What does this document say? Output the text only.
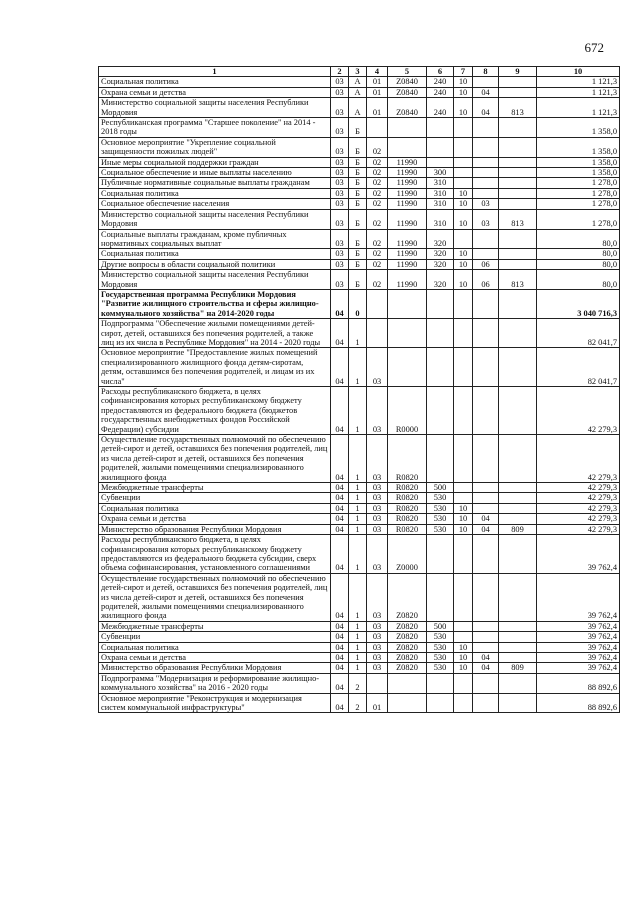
672
1	2	3	4	5	6	7	8	9	10
Социальная политика	03	А	01	Z0840	240	10			1 121,3
Охрана семьи и детства	03	А	01	Z0840	240	10	04		1 121,3
Министерство социальной защиты населения Республики Мордовия	03	А	01	Z0840	240	10	04	813	1 121,3
Республиканская программа "Старшее поколение" на 2014 - 2018 годы	03	Б							1 358,0
Основное мероприятие "Укрепление социальной защищенности пожилых людей"	03	Б	02						1 358,0
Иные меры социальной поддержки граждан	03	Б	02	11990					1 358,0
Социальное обеспечение и иные выплаты населению	03	Б	02	11990	300				1 358,0
Публичные нормативные социальные выплаты гражданам	03	Б	02	11990	310				1 278,0
Социальная политика	03	Б	02	11990	310	10			1 278,0
Социальное обеспечение населения	03	Б	02	11990	310	10	03		1 278,0
Министерство социальной защиты населения Республики Мордовия	03	Б	02	11990	310	10	03	813	1 278,0
Социальные выплаты гражданам, кроме публичных нормативных социальных выплат	03	Б	02	11990	320				80,0
Социальная политика	03	Б	02	11990	320	10			80,0
Другие вопросы в области социальной политики	03	Б	02	11990	320	10	06		80,0
Министерство социальной защиты населения Республики Мордовия	03	Б	02	11990	320	10	06	813	80,0
Государственная программа Республики Мордовия "Развитие жилищного строительства и сферы жилищно-коммунального хозяйства" на 2014-2020 годы	04	0							3 040 716,3
Подпрограмма "Обеспечение жилыми помещениями детей-сирот, детей, оставшихся без попечения родителей, а также лиц из их числа в Республике Мордовия" на 2014 - 2020 годы	04	1							82 041,7
Основное мероприятие "Предоставление жилых помещений специализированного жилищного фонда детям-сиротам, детям, оставшимся без попечения родителей, и лицам из их числа"	04	1	03						82 041,7
Расходы республиканского бюджета, в целях софинансирования которых республиканскому бюджету предоставляются из федерального бюджета (бюджетов государственных внебюджетных фондов Российской Федерации) субсидии	04	1	03	R0000					42 279,3
Осуществление государственных полномочий по обеспечению детей-сирот и детей, оставшихся без попечения родителей, лиц из числа детей-сирот и детей, оставшихся без попечения родителей, жилыми помещениями специализированного жилищного фонда	04	1	03	R0820					42 279,3
Межбюджетные трансферты	04	1	03	R0820	500				42 279,3
Субвенции	04	1	03	R0820	530				42 279,3
Социальная политика	04	1	03	R0820	530	10			42 279,3
Охрана семьи и детства	04	1	03	R0820	530	10	04		42 279,3
Министерство образования Республики Мордовия	04	1	03	R0820	530	10	04	809	42 279,3
Расходы республиканского бюджета, в целях софинансирования которых республиканскому бюджету предоставляются из федерального бюджета субсидии, сверх объема софинансирования, установленного соглашениями	04	1	03	Z0000					39 762,4
Осуществление государственных полномочий по обеспечению детей-сирот и детей, оставшихся без попечения родителей, лиц из числа детей-сирот и детей, оставшихся без попечения родителей, жилыми помещениями специализированного жилищного фонда	04	1	03	Z0820					39 762,4
Межбюджетные трансферты	04	1	03	Z0820	500				39 762,4
Субвенции	04	1	03	Z0820	530				39 762,4
Социальная политика	04	1	03	Z0820	530	10			39 762,4
Охрана семьи и детства	04	1	03	Z0820	530	10	04		39 762,4
Министерство образования Республики Мордовия	04	1	03	Z0820	530	10	04	809	39 762,4
Подпрограмма "Модернизация и реформирование жилищно-коммунального хозяйства" на 2016 - 2020 годы	04	2							88 892,6
Основное мероприятие "Реконструкция и модернизация систем коммунальной инфраструктуры"	04	2	01						88 892,6
